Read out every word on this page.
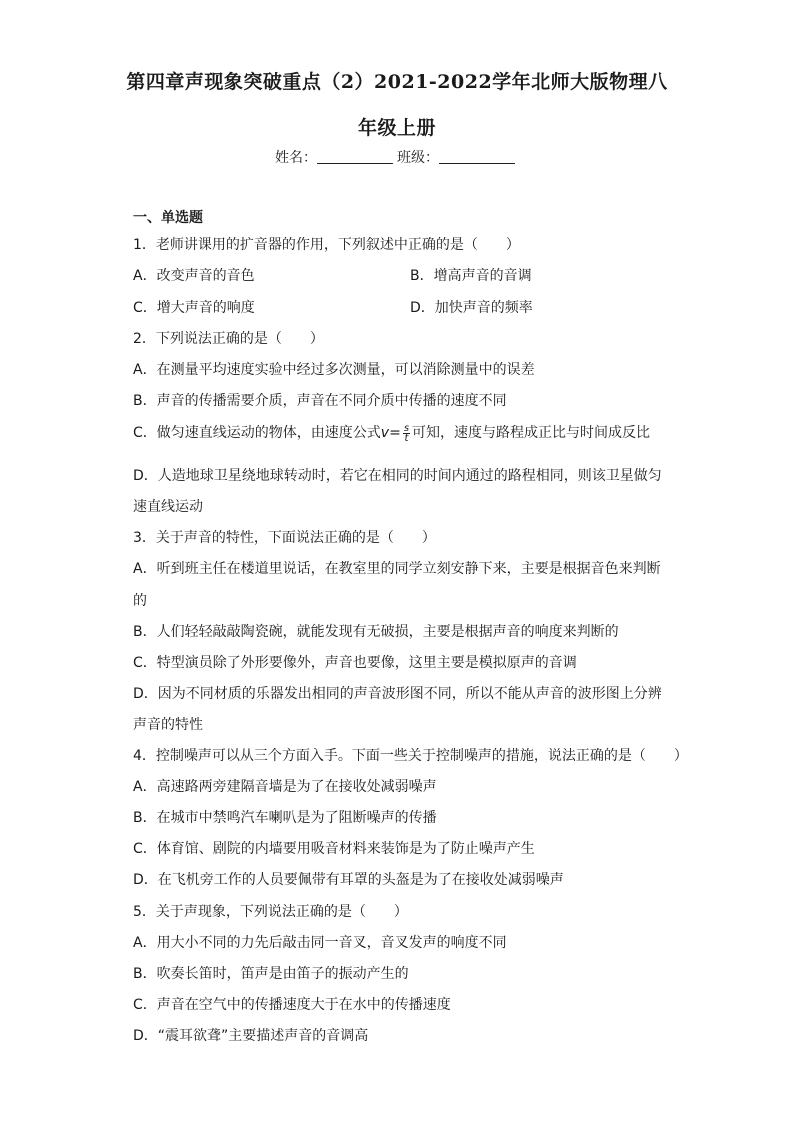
第四章声现象突破重点（2）2021-2022学年北师大版物理八
年级上册
姓名：	班级：
一、单选题
1．老师讲课用的扩音器的作用，下列叙述中正确的是（　　）
A．改变声音的音色	B．增高声音的音调
C．增大声音的响度	D．加快声音的频率
2．下列说法正确的是（　　）
A．在测量平均速度实验中经过多次测量，可以消除测量中的误差
B．声音的传播需要介质，声音在不同介质中传播的速度不同
C．做匀速直线运动的物体，由速度公式$v= \frac{s}{t}$ 可知，速度与路程成正比与时间成反比
D．人造地球卫星绕地球转动时，若它在相同的时间内通过的路程相同，则该卫星做匀
速直线运动
3．关于声音的特性，下面说法正确的是（　　）
A．听到班主任在楼道里说话，在教室里的同学立刻安静下来，主要是根据音色来判断
的
B．人们轻轻敲敲陶瓷碗，就能发现有无破损，主要是根据声音的响度来判断的
C．特型演员除了外形要像外，声音也要像，这里主要是模拟原声的音调
D．因为不同材质的乐器发出相同的声音波形图不同，所以不能从声音的波形图上分辨
声音的特性
4．控制噪声可以从三个方面入手。下面一些关于控制噪声的措施，说法正确的是（　　）
A．高速路两旁建隔音墙是为了在接收处减弱噪声
B．在城市中禁鸣汽车喇叭是为了阻断噪声的传播
C．体育馆、剧院的内墙要用吸音材料来装饰是为了防止噪声产生
D．在飞机旁工作的人员要佩带有耳罩的头盔是为了在接收处减弱噪声
5．关于声现象，下列说法正确的是（　　）
A．用大小不同的力先后敲击同一音叉，音叉发声的响度不同
B．吹奏长笛时，笛声是由笛子的振动产生的
C．声音在空气中的传播速度大于在水中的传播速度
D．“震耳欲聋”主要描述声音的音调高
